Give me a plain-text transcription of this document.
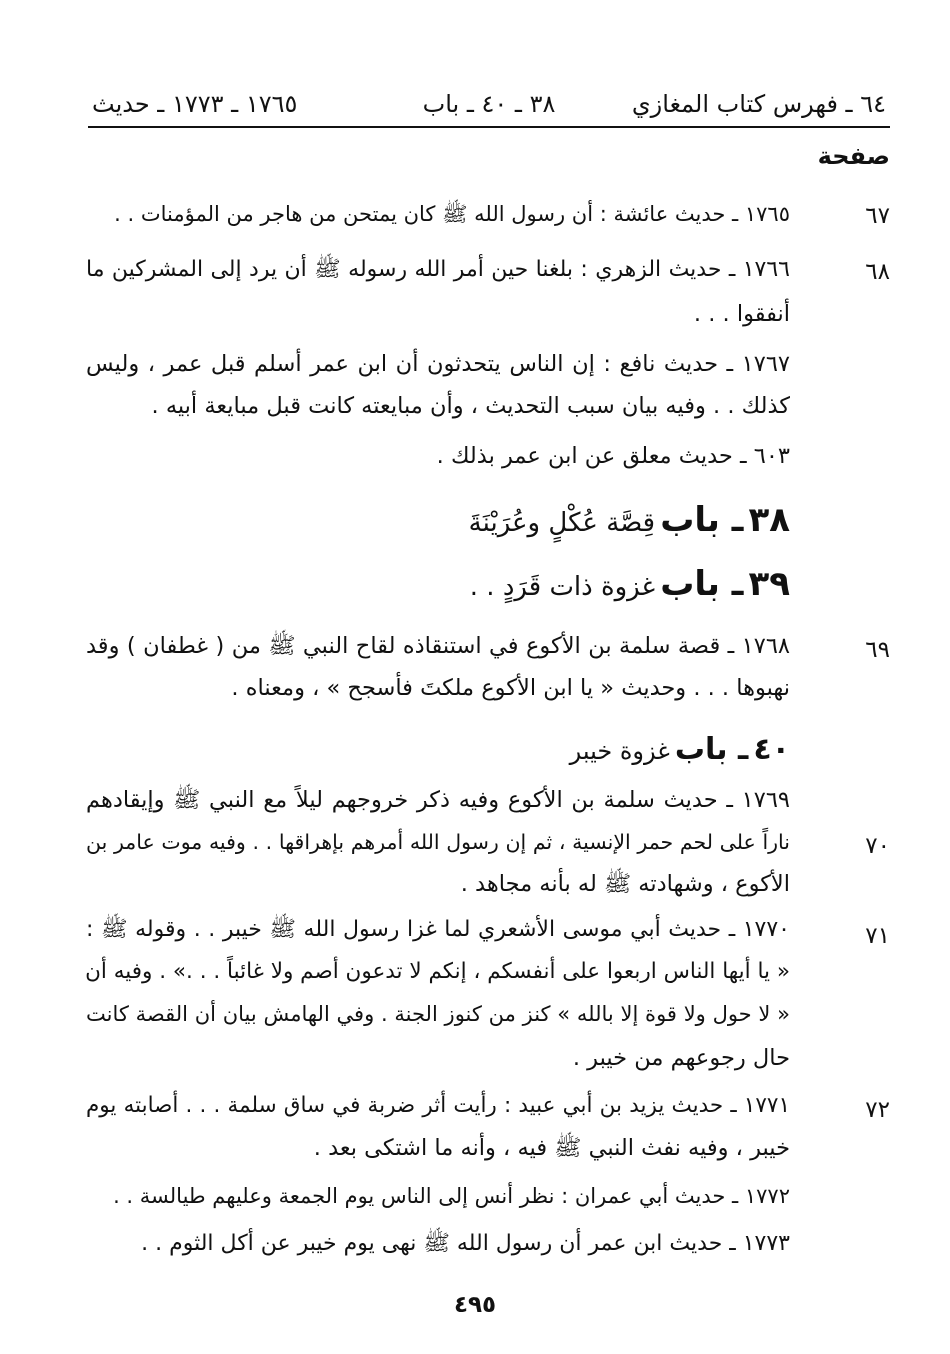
٦٤ ـ فهرس كتاب المغازي
٣٨ ـ ٤٠ ـ باب
١٧٦٥ ـ ١٧٧٣ ـ حديث
صفحة
٦٧
١٧٦٥ ـ حديث عائشة : أن رسول الله ﷺ كان يمتحن من هاجر من المؤمنات . .
٦٨
١٧٦٦ ـ حديث الزهري : بلغنا حين أمر الله رسوله ﷺ أن يرد إلى المشركين ما
أنفقوا . . .
١٧٦٧ ـ حديث نافع : إن الناس يتحدثون أن ابن عمر أسلم قبل عمر ، وليس
كذلك . . وفيه بيان سبب التحديث ، وأن مبايعته كانت قبل مبايعة أبيه .
٦٠٣ ـ حديث معلق عن ابن عمر بذلك .
٣٨ ـ باب قِصَّة عُكْلٍ وعُرَيْنَةَ
٣٩ ـ باب غزوة ذات قَرَدٍ . .
٦٩
١٧٦٨ ـ قصة سلمة بن الأكوع في استنقاذه لقاح النبي ﷺ من ( غطفان ) وقد
نهبوها . . . وحديث « يا ابن الأكوع ملكتَ فأسجح » ، ومعناه .
٤٠ ـ باب غزوة خيبر
١٧٦٩ ـ حديث سلمة بن الأكوع وفيه ذكر خروجهم ليلاً مع النبي ﷺ وإيقادهم
٧٠
ناراً على لحم حمر الإنسية ، ثم إن رسول الله أمرهم بإهراقها . . وفيه موت عامر بن
الأكوع ، وشهادته ﷺ له بأنه مجاهد .
٧١
١٧٧٠ ـ حديث أبي موسى الأشعري لما غزا رسول الله ﷺ خيبر . . وقوله ﷺ :
« يا أيها الناس اربعوا على أنفسكم ، إنكم لا تدعون أصم ولا غائباً . . .» . وفيه أن
« لا حول ولا قوة إلا بالله » كنز من كنوز الجنة . وفي الهامش بيان أن القصة كانت
حال رجوعهم من خيبر .
٧٢
١٧٧١ ـ حديث يزيد بن أبي عبيد : رأيت أثر ضربة في ساق سلمة . . . أصابته يوم
خيبر ، وفيه نفث النبي ﷺ فيه ، وأنه ما اشتكى بعد .
١٧٧٢ ـ حديث أبي عمران : نظر أنس إلى الناس يوم الجمعة وعليهم طيالسة . .
١٧٧٣ ـ حديث ابن عمر أن رسول الله ﷺ نهى يوم خيبر عن أكل الثوم . .
٤٩٥
